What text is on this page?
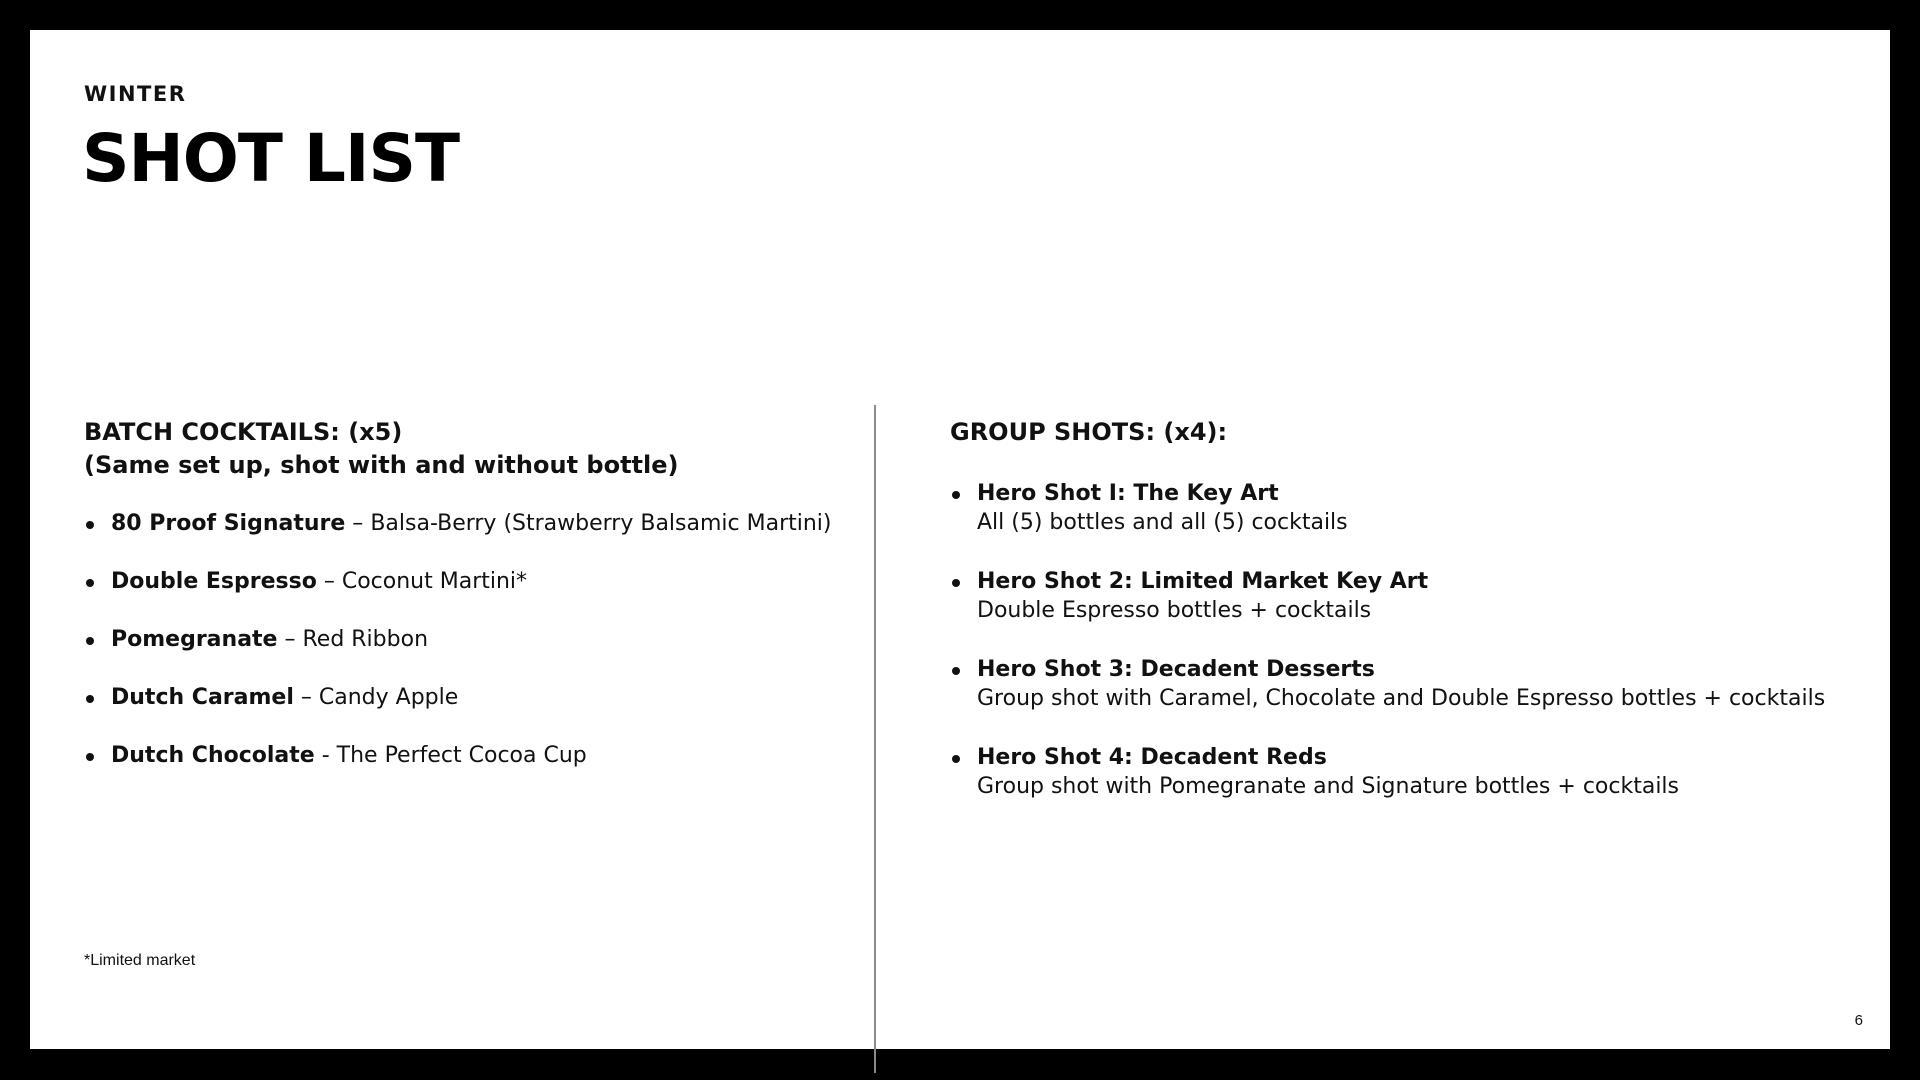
WINTER
SHOT LIST
BATCH COCKTAILS: (x5)
(Same set up, shot with and without bottle)
80 Proof Signature – Balsa-Berry (Strawberry Balsamic Martini)
Double Espresso – Coconut Martini*
Pomegranate – Red Ribbon
Dutch Caramel – Candy Apple
Dutch Chocolate - The Perfect Cocoa Cup
GROUP SHOTS: (x4):
Hero Shot I: The Key Art
All (5) bottles and all (5) cocktails
Hero Shot 2: Limited Market Key Art
Double Espresso bottles + cocktails
Hero Shot 3: Decadent Desserts
Group shot with Caramel, Chocolate and Double Espresso bottles + cocktails
Hero Shot 4: Decadent Reds
Group shot with Pomegranate and Signature bottles + cocktails
*Limited market
6
